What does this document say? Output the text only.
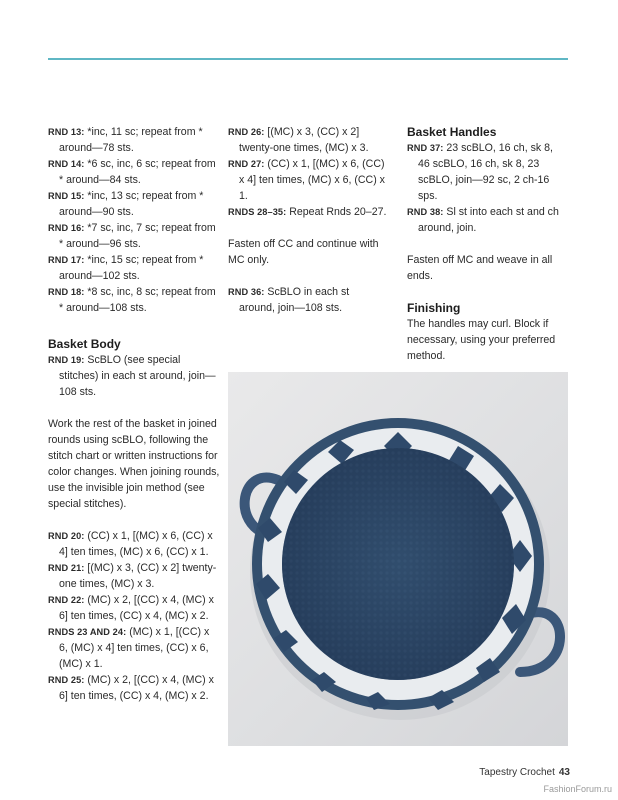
RND 13: *inc, 11 sc; repeat from * around—78 sts.

RND 14: *6 sc, inc, 6 sc; repeat from * around—84 sts.

RND 15: *inc, 13 sc; repeat from * around—90 sts.

RND 16: *7 sc, inc, 7 sc; repeat from * around—96 sts.

RND 17: *inc, 15 sc; repeat from * around—102 sts.

RND 18: *8 sc, inc, 8 sc; repeat from * around—108 sts.

Basket Body

RND 19: ScBLO (see special stitches) in each st around, join—108 sts.

Work the rest of the basket in joined rounds using scBLO, following the stitch chart or written instructions for color changes. When joining rounds, use the invisible join method (see special stitches).

RND 20: (CC) x 1, [(MC) x 6, (CC) x 4] ten times, (MC) x 6, (CC) x 1.

RND 21: [(MC) x 3, (CC) x 2] twenty-one times, (MC) x 3.

RND 22: (MC) x 2, [(CC) x 4, (MC) x 6] ten times, (CC) x 4, (MC) x 2.

RNDS 23 AND 24: (MC) x 1, [(CC) x 6, (MC) x 4] ten times, (CC) x 6, (MC) x 1.

RND 25: (MC) x 2, [(CC) x 4, (MC) x 6] ten times, (CC) x 4, (MC) x 2.

RND 26: [(MC) x 3, (CC) x 2] twenty-one times, (MC) x 3.

RND 27: (CC) x 1, [(MC) x 6, (CC) x 4] ten times, (MC) x 6, (CC) x 1.

RNDS 28–35: Repeat Rnds 20–27.

Fasten off CC and continue with MC only.

RND 36: ScBLO in each st around, join—108 sts.

Basket Handles

RND 37: 23 scBLO, 16 ch, sk 8, 46 scBLO, 16 ch, sk 8, 23 scBLO, join—92 sc, 2 ch-16 sps.

RND 38: Sl st into each st and ch around, join.

Fasten off MC and weave in all ends.

Finishing

The handles may curl. Block if necessary, using your preferred method.

Tapestry Crochet 43
FashionForum.ru
